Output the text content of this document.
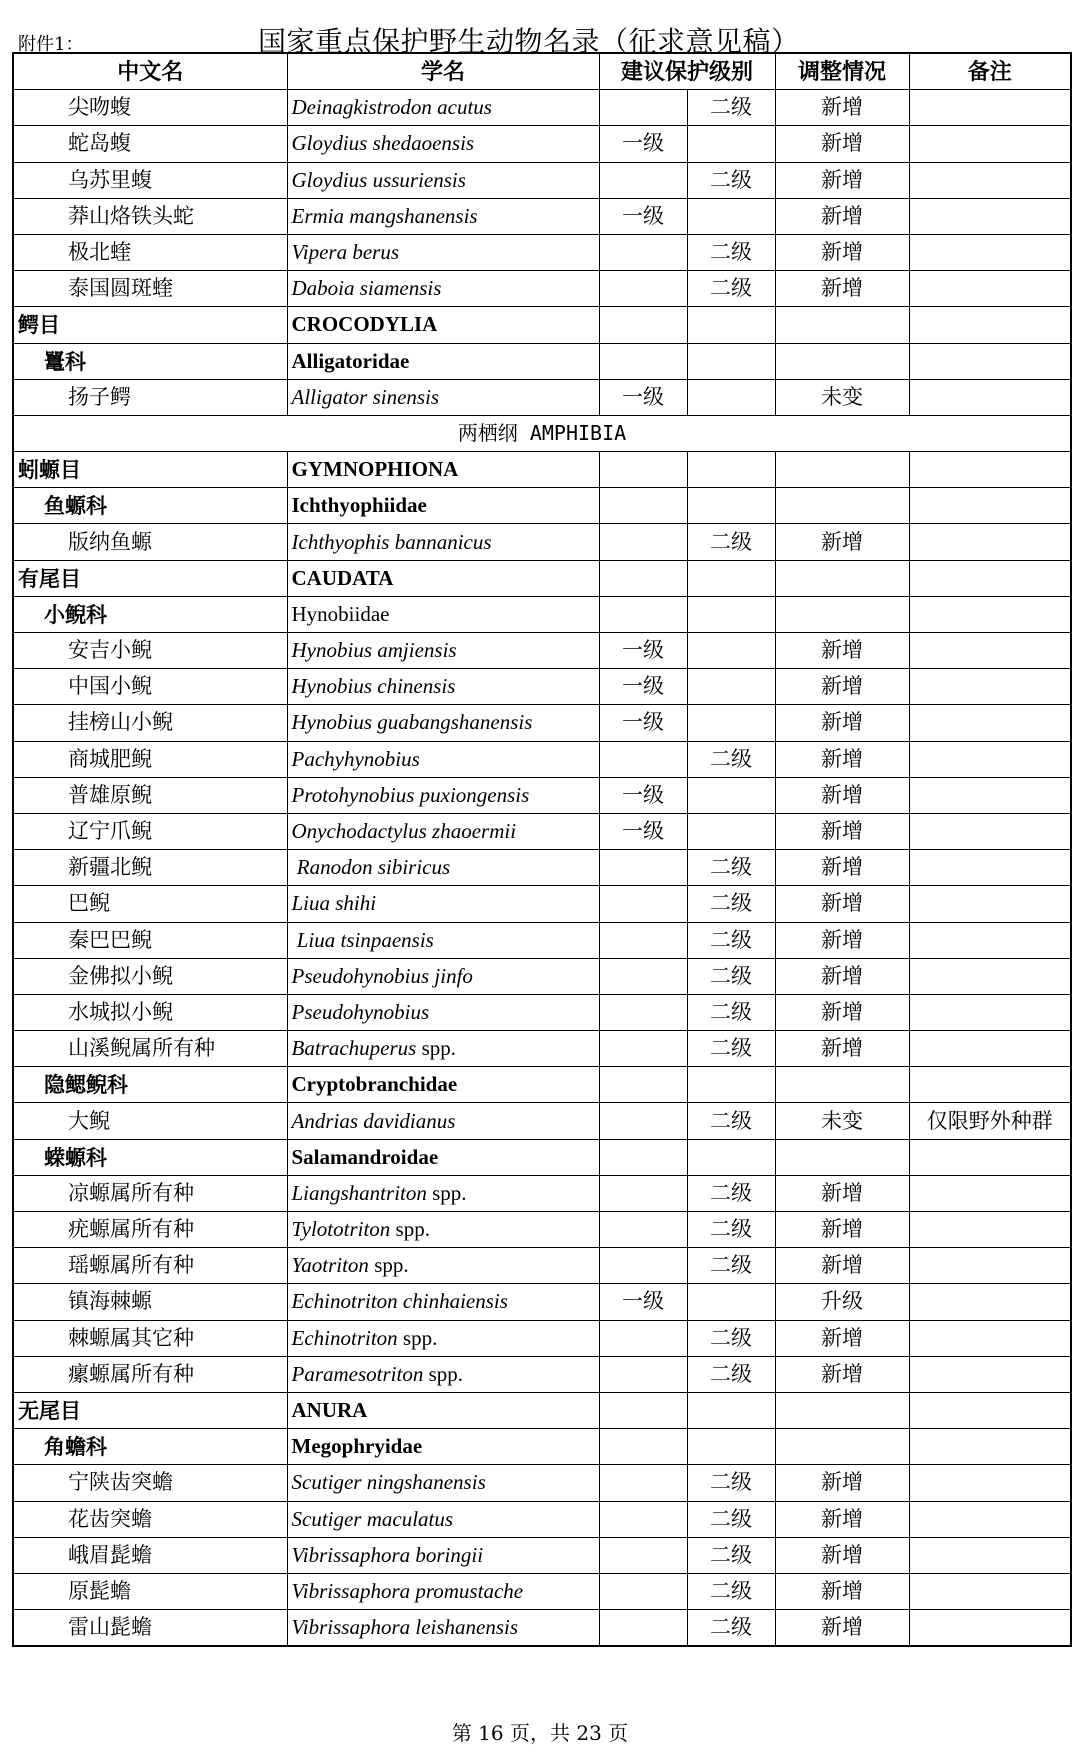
附件1：	国家重点保护野生动物名录（征求意见稿）
中文名	学名	建议保护级别		调整情况	备注
尖吻蝮	Deinagkistrodon acutus		二级	新增	
蛇岛蝮	Gloydius shedaoensis	一级		新增	
乌苏里蝮	Gloydius ussuriensis		二级	新增	
莽山烙铁头蛇	Ermia mangshanensis	一级		新增	
极北蝰	Vipera berus		二级	新增	
泰国圆斑蝰	Daboia siamensis		二级	新增	
鳄目	CROCODYLIA				
鼍科	Alligatoridae				
扬子鳄	Alligator sinensis	一级		未变	
两栖纲 AMPHIBIA					
蚓螈目	GYMNOPHIONA				
鱼螈科	Ichthyophiidae				
版纳鱼螈	Ichthyophis bannanicus		二级	新增	
有尾目	CAUDATA				
小鲵科	Hynobiidae				
安吉小鲵	Hynobius amjiensis	一级		新增	
中国小鲵	Hynobius chinensis	一级		新增	
挂榜山小鲵	Hynobius guabangshanensis	一级		新增	
商城肥鲵	Pachyhynobius		二级	新增	
普雄原鲵	Protohynobius puxiongensis	一级		新增	
辽宁爪鲵	Onychodactylus zhaoermii	一级		新增	
新疆北鲵	Ranodon sibiricus		二级	新增	
巴鲵	Liua shihi		二级	新增	
秦巴巴鲵	Liua tsinpaensis		二级	新增	
金佛拟小鲵	Pseudohynobius jinfo		二级	新增	
水城拟小鲵	Pseudohynobius		二级	新增	
山溪鲵属所有种	Batrachuperus spp.		二级	新增	
隐鳃鲵科	Cryptobranchidae				
大鲵	Andrias davidianus		二级	未变	仅限野外种群
蝾螈科	Salamandroidae				
凉螈属所有种	Liangshantriton spp.		二级	新增	
疣螈属所有种	Tylototriton spp.		二级	新增	
瑶螈属所有种	Yaotriton spp.		二级	新增	
镇海棘螈	Echinotriton chinhaiensis	一级		升级	
棘螈属其它种	Echinotriton spp.		二级	新增	
瘰螈属所有种	Paramesotriton spp.		二级	新增	
无尾目	ANURA				
角蟾科	Megophryidae				
宁陕齿突蟾	Scutiger ningshanensis		二级	新增	
花齿突蟾	Scutiger maculatus		二级	新增	
峨眉髭蟾	Vibrissaphora boringii		二级	新增	
原髭蟾	Vibrissaphora promustache		二级	新增	
雷山髭蟾	Vibrissaphora leishanensis		二级	新增	
第 16 页，共 23 页
